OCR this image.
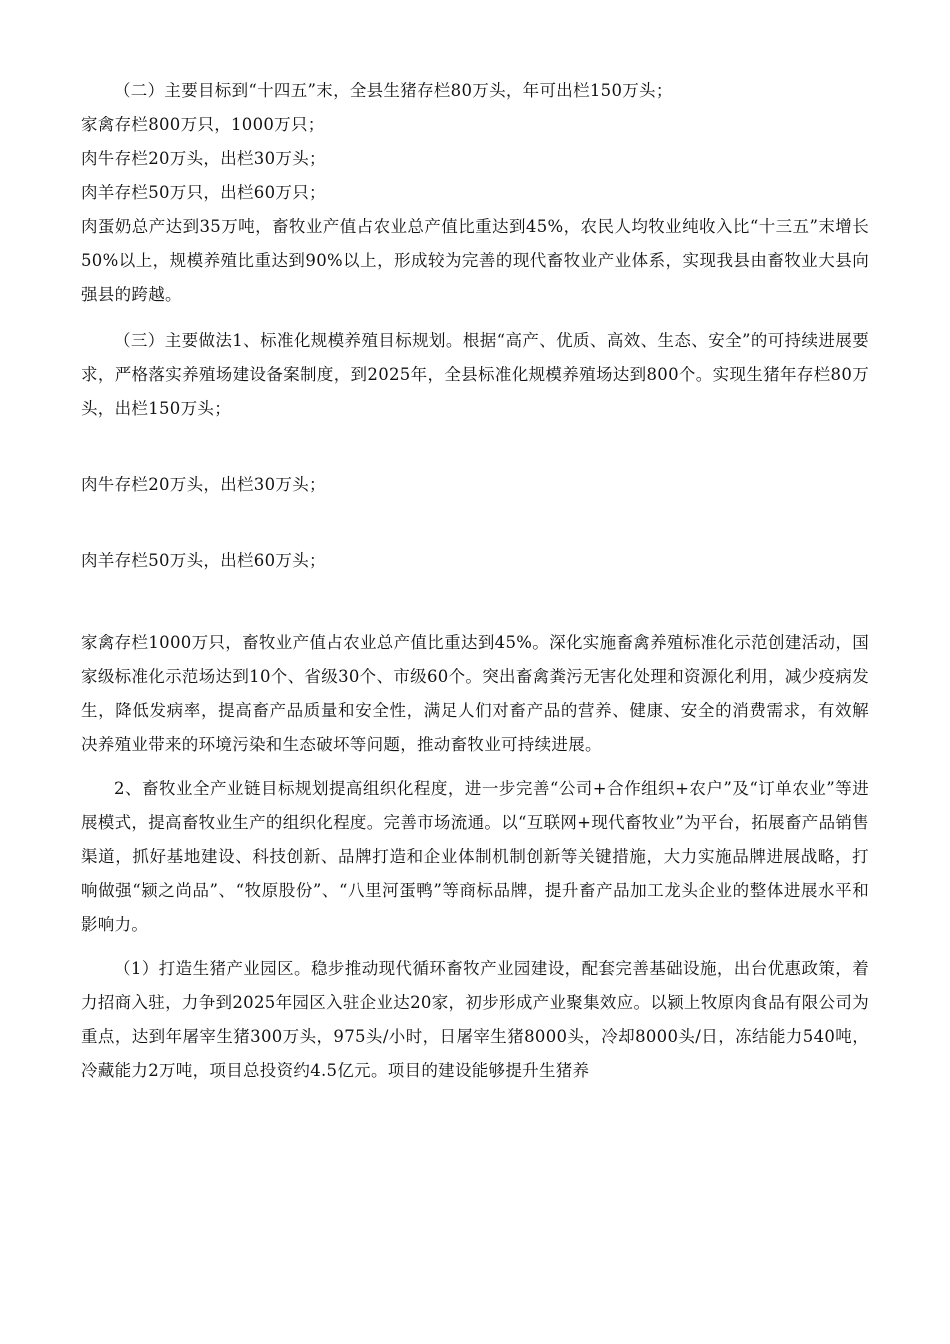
（二）主要目标到“十四五”末，全县生猪存栏80万头，年可出栏150万头；

家禽存栏800万只，1000万只；

肉牛存栏20万头，出栏30万头；

肉羊存栏50万只，出栏60万只；

肉蛋奶总产达到35万吨，畜牧业产值占农业总产值比重达到45%，农民人均牧业纯收入比“十三五”末增长50%以上，规模养殖比重达到90%以上，形成较为完善的现代畜牧业产业体系，实现我县由畜牧业大县向强县的跨越。

（三）主要做法1、标准化规模养殖目标规划。根据“高产、优质、高效、生态、安全”的可持续进展要求，严格落实养殖场建设备案制度，到2025年，全县标准化规模养殖场达到800个。实现生猪年存栏80万头，出栏150万头；

肉牛存栏20万头，出栏30万头；

肉羊存栏50万头，出栏60万头；

家禽存栏1000万只，畜牧业产值占农业总产值比重达到45%。深化实施畜禽养殖标准化示范创建活动，国家级标准化示范场达到10个、省级30个、市级60个。突出畜禽粪污无害化处理和资源化利用，减少疫病发生，降低发病率，提高畜产品质量和安全性，满足人们对畜产品的营养、健康、安全的消费需求，有效解决养殖业带来的环境污染和生态破坏等问题，推动畜牧业可持续进展。

2、畜牧业全产业链目标规划提高组织化程度，进一步完善“公司+合作组织+农户”及“订单农业”等进展模式，提高畜牧业生产的组织化程度。完善市场流通。以“互联网+现代畜牧业”为平台，拓展畜产品销售渠道，抓好基地建设、科技创新、品牌打造和企业体制机制创新等关键措施，大力实施品牌进展战略，打响做强“颍之尚品”、“牧原股份”、“八里河蛋鸭”等商标品牌，提升畜产品加工龙头企业的整体进展水平和影响力。

（1）打造生猪产业园区。稳步推动现代循环畜牧产业园建设，配套完善基础设施，出台优惠政策，着力招商入驻，力争到2025年园区入驻企业达20家，初步形成产业聚集效应。以颍上牧原肉食品有限公司为重点，达到年屠宰生猪300万头，975头/小时，日屠宰生猪8000头，冷却8000头/日，冻结能力540吨，冷藏能力2万吨，项目总投资约4.5亿元。项目的建设能够提升生猪养
